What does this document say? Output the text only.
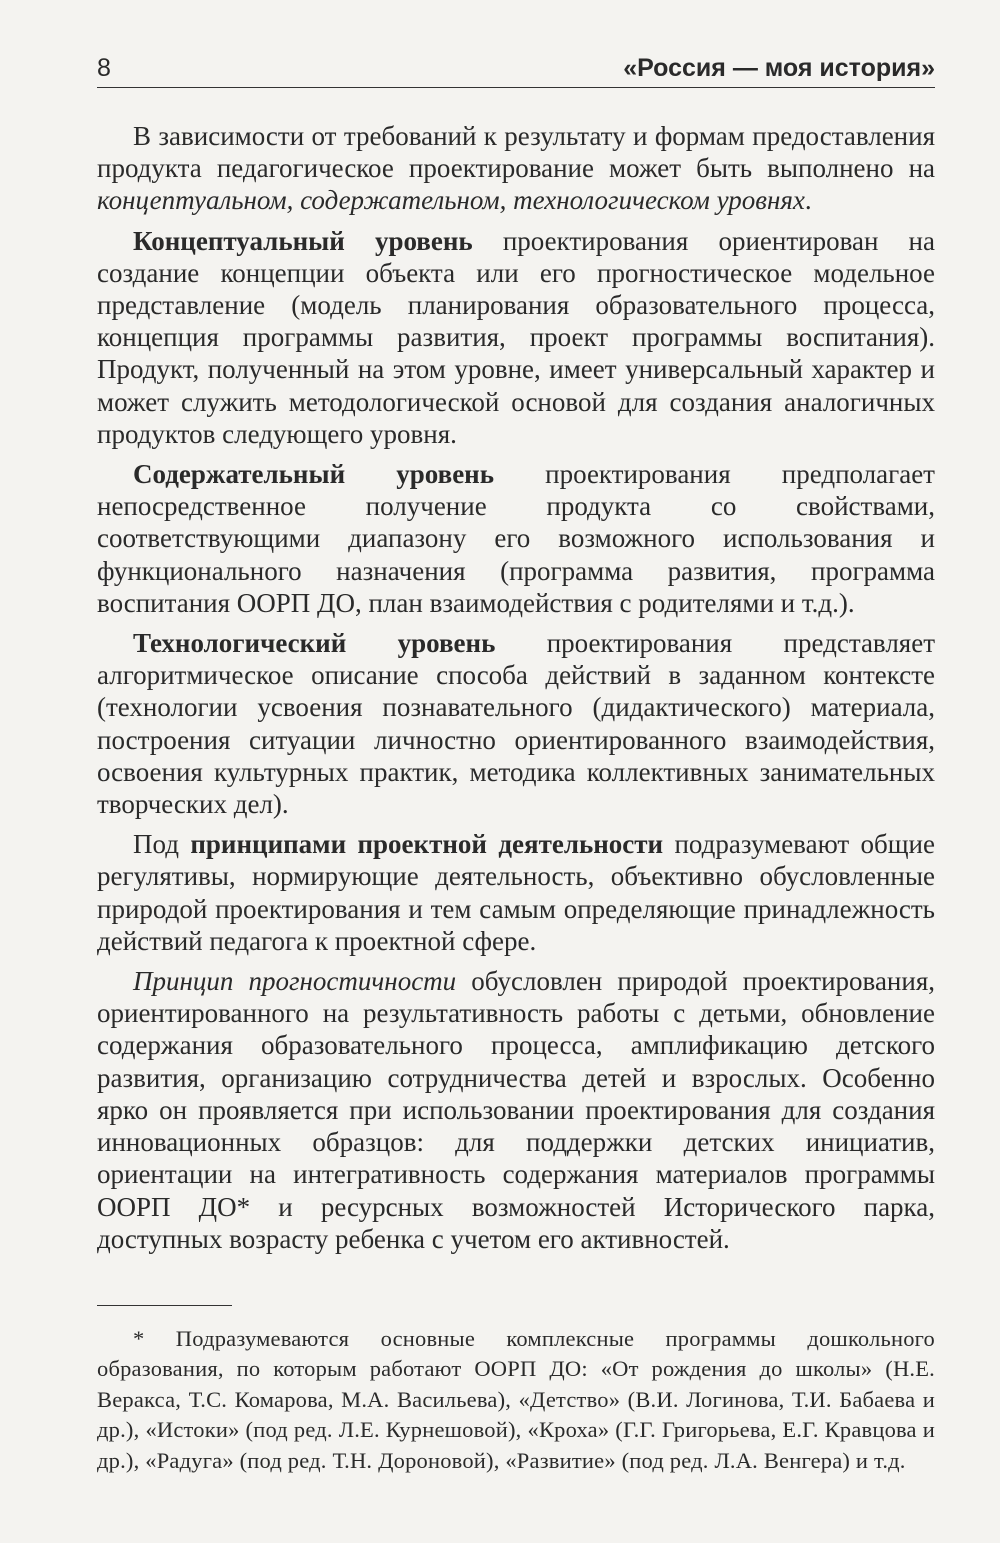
8	«Россия — моя история»

В зависимости от требований к результату и формам предоставления продукта педагогическое проектирование может быть выполнено на концептуальном, содержательном, технологическом уровнях.

Концептуальный уровень проектирования ориентирован на создание концепции объекта или его прогностическое модельное представление (модель планирования образовательного процесса, концепция программы развития, проект программы воспитания). Продукт, полученный на этом уровне, имеет универсальный характер и может служить методологической основой для создания аналогичных продуктов следующего уровня.

Содержательный уровень проектирования предполагает непосредственное получение продукта со свойствами, соответствующими диапазону его возможного использования и функционального назначения (программа развития, программа воспитания ООРП ДО, план взаимодействия с родителями и т.д.).

Технологический уровень проектирования представляет алгоритмическое описание способа действий в заданном контексте (технологии усвоения познавательного (дидактического) материала, построения ситуации личностно ориентированного взаимодействия, освоения культурных практик, методика коллективных занимательных творческих дел).

Под принципами проектной деятельности подразумевают общие регулятивы, нормирующие деятельность, объективно обусловленные природой проектирования и тем самым определяющие принадлежность действий педагога к проектной сфере.

Принцип прогностичности обусловлен природой проектирования, ориентированного на результативность работы с детьми, обновление содержания образовательного процесса, амплификацию детского развития, организацию сотрудничества детей и взрослых. Особенно ярко он проявляется при использовании проектирования для создания инновационных образцов: для поддержки детских инициатив, ориентации на интегративность содержания материалов программы ООРП ДО* и ресурсных возможностей Исторического парка, доступных возрасту ребенка с учетом его активностей.

* Подразумеваются основные комплексные программы дошкольного образования, по которым работают ООРП ДО: «От рождения до школы» (Н.Е. Веракса, Т.С. Комарова, М.А. Васильева), «Детство» (В.И. Логинова, Т.И. Бабаева и др.), «Истоки» (под ред. Л.Е. Курнешовой), «Кроха» (Г.Г. Григорьева, Е.Г. Кравцова и др.), «Радуга» (под ред. Т.Н. Дороновой), «Развитие» (под ред. Л.А. Венгера) и т.д.
